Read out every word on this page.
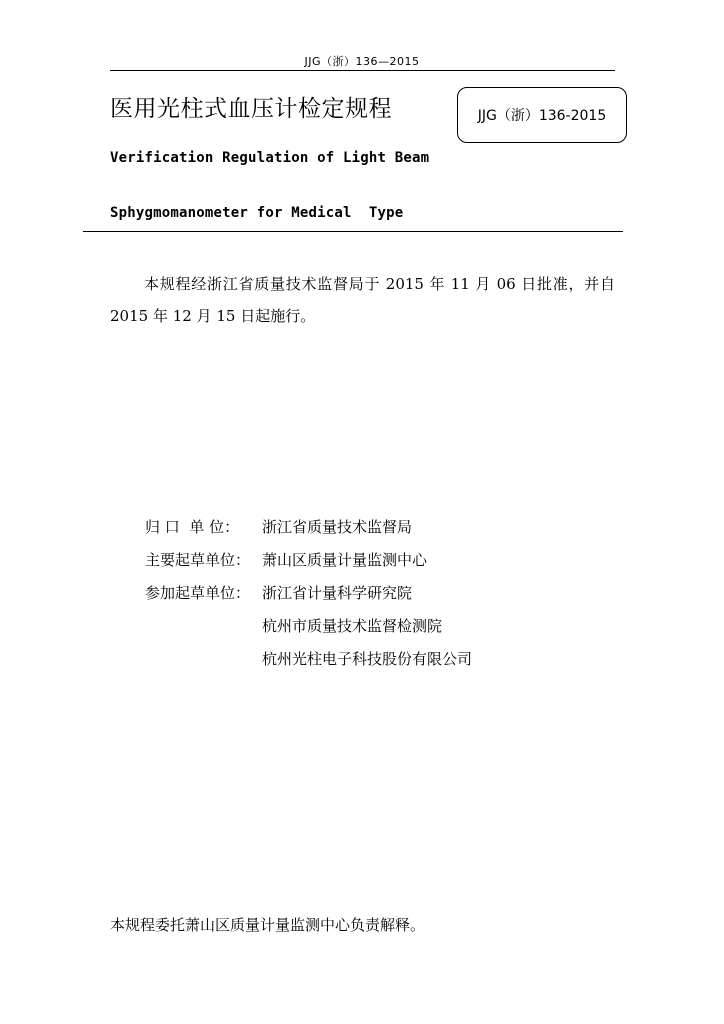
JJG（浙）136—2015
医用光柱式血压计检定规程	JJG（浙）136-2015
Verification Regulation of Light Beam
Sphygmomanometer for Medical  Type
本规程经浙江省质量技术监督局于 2015 年 11 月 06 日批准，并自 2015 年 12 月 15 日起施行。
归 口  单 位：	浙江省质量技术监督局
主要起草单位： 萧山区质量计量监测中心
参加起草单位： 浙江省计量科学研究院
杭州市质量技术监督检测院
杭州光柱电子科技股份有限公司
本规程委托萧山区质量计量监测中心负责解释。
